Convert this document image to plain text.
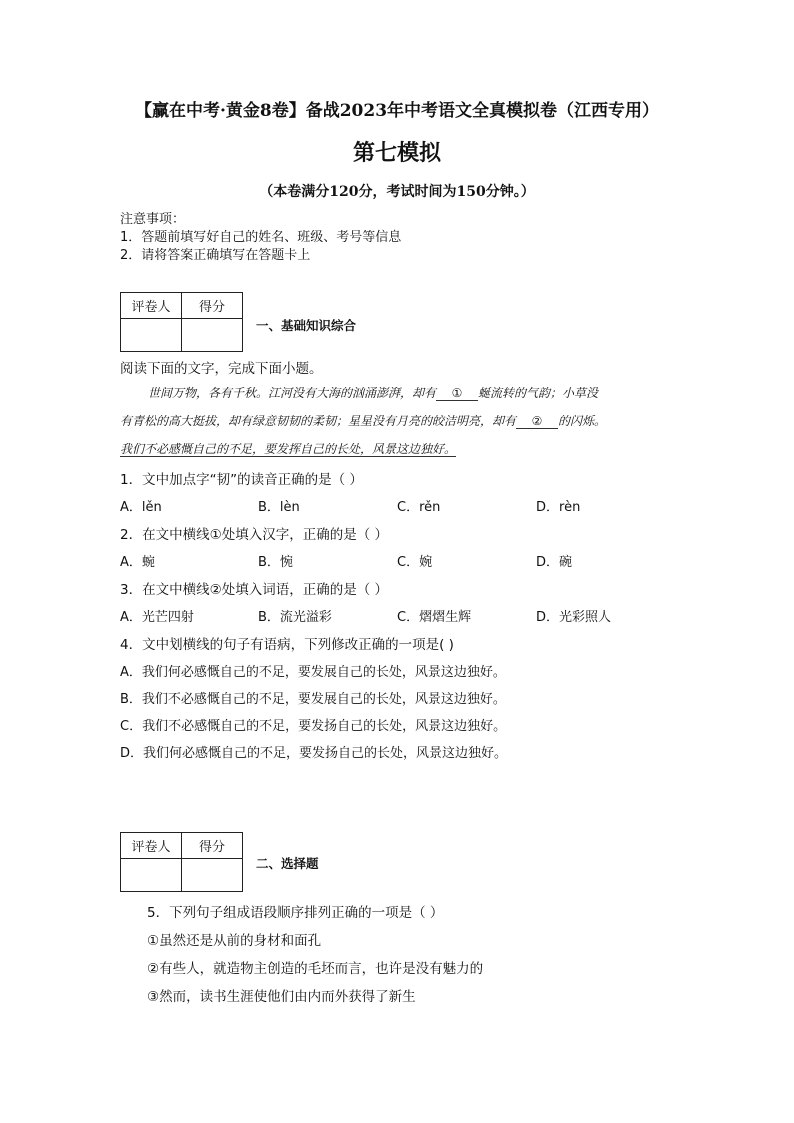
【赢在中考·黄金8卷】备战2023年中考语文全真模拟卷（江西专用）
第七模拟
（本卷满分120分，考试时间为150分钟。）
注意事项：
1．答题前填写好自己的姓名、班级、考号等信息
2．请将答案正确填写在答题卡上
评卷人	得分

一、基础知识综合
阅读下面的文字，完成下面小题。
世间万物，各有千秋。江河没有大海的汹涌澎湃，却有 ① 蜒流转的气韵；小草没
有青松的高大挺拔，却有绿意韧韧的柔韧；星星没有月亮的皎洁明亮，却有 ② 的闪烁。
我们不必感慨自己的不足，要发挥自己的长处，风景这边独好。
1．文中加点字“韧”的读音正确的是（ ）
A．lěn	B．lèn	C．rěn	D．rèn
2．在文中横线①处填入汉字，正确的是（ ）
A．蜿	B．惋	C．婉	D．碗
3．在文中横线②处填入词语，正确的是（ ）
A．光芒四射	B．流光溢彩	C．熠熠生辉	D．光彩照人
4．文中划横线的句子有语病，下列修改正确的一项是( )
A．我们何必感慨自己的不足，要发展自己的长处，风景这边独好。
B．我们不必感慨自己的不足，要发展自己的长处，风景这边独好。
C．我们不必感慨自己的不足，要发扬自己的长处，风景这边独好。
D．我们何必感慨自己的不足，要发扬自己的长处，风景这边独好。
评卷人	得分

二、选择题
5．下列句子组成语段顺序排列正确的一项是（ ）
①虽然还是从前的身材和面孔
②有些人，就造物主创造的毛坯而言，也许是没有魅力的
③然而，读书生涯使他们由内而外获得了新生
